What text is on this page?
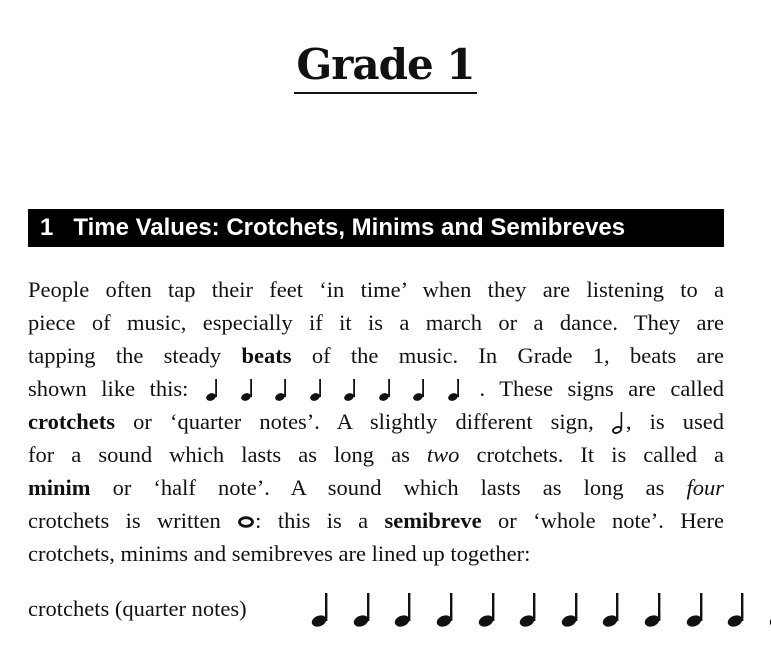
Grade 1
1 Time Values: Crotchets, Minims and Semibreves
People often tap their feet ‘in time’ when they are listening to a
piece of music, especially if it is a march or a dance. They are
tapping the steady beats of the music. In Grade 1, beats are
shown like this:	. These signs are called
crotchets or ‘quarter notes’. A slightly different sign, , is used
for a sound which lasts as long as two crotchets. It is called a
minim or ‘half note’. A sound which lasts as long as four
crotchets is written : this is a semibreve or ‘whole note’. Here
crotchets, minims and semibreves are lined up together:
crotchets (quarter notes)
